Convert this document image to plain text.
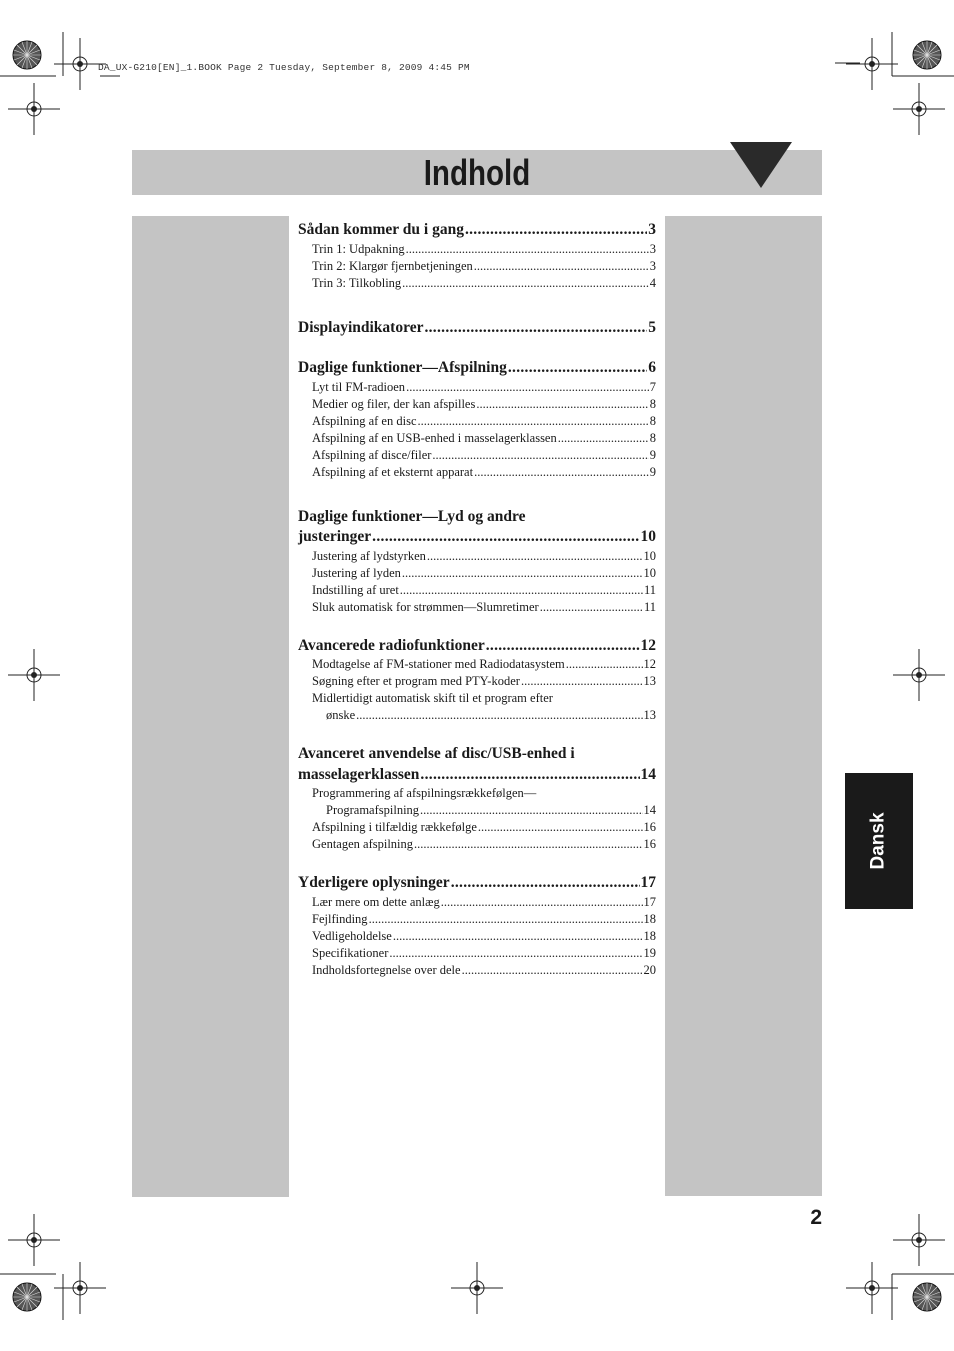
DA_UX-G210[EN]_1.BOOK Page 2 Tuesday, September 8, 2009 4:45 PM
Indhold
Dansk
Sådan kommer du i gang .....	3
Trin 1: Udpakning .....	3
Trin 2: Klargør fjernbetjeningen .....	3
Trin 3: Tilkobling .....	4
Displayindikatorer .....	5
Daglige funktioner—Afspilning .....	6
Lyt til FM-radioen .....	7
Medier og filer, der kan afspilles .....	8
Afspilning af en disc .....	8
Afspilning af en USB-enhed i masselagerklassen .....	8
Afspilning af disce/filer .....	9
Afspilning af et eksternt apparat .....	9
Daglige funktioner—Lyd og andre
justeringer .....	10
Justering af lydstyrken .....	10
Justering af lyden .....	10
Indstilling af uret .....	11
Sluk automatisk for strømmen—Slumretimer .....	11
Avancerede radiofunktioner .....	12
Modtagelse af FM-stationer med Radiodatasystem .....	12
Søgning efter et program med PTY-koder .....	13
Midlertidigt automatisk skift til et program efter
ønske .....	13
Avanceret anvendelse af disc/USB-enhed i
masselagerklassen .....	14
Programmering af afspilningsrækkefølgen—
Programafspilning .....	14
Afspilning i tilfældig rækkefølge .....	16
Gentagen afspilning .....	16
Yderligere oplysninger .....	17
Lær mere om dette anlæg .....	17
Fejlfinding .....	18
Vedligeholdelse .....	18
Specifikationer .....	19
Indholdsfortegnelse over dele .....	20
2
